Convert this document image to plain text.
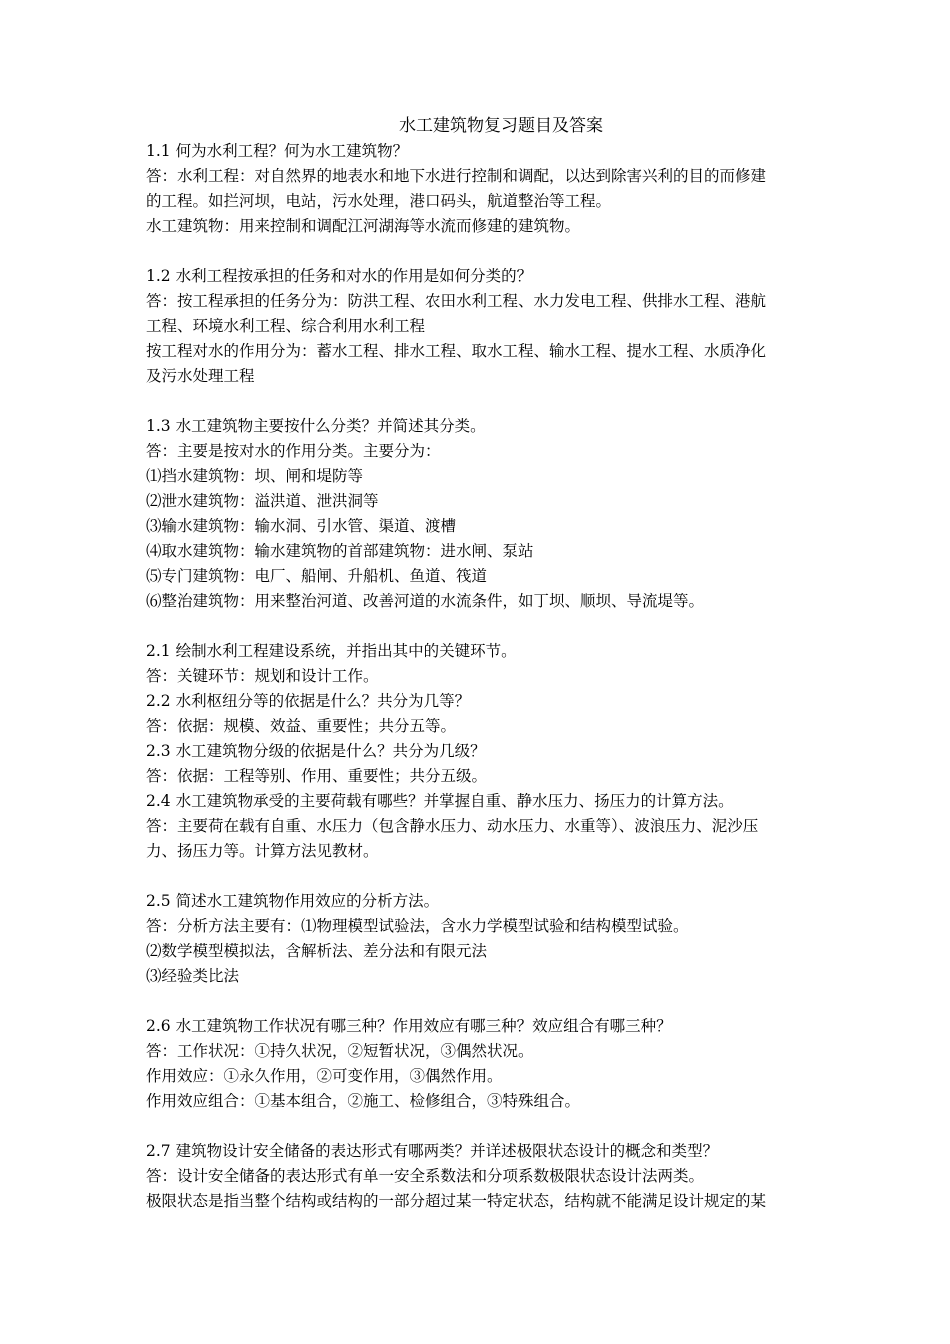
水工建筑物复习题目及答案

1.1 何为水利工程？何为水工建筑物？

答：水利工程：对自然界的地表水和地下水进行控制和调配，以达到除害兴利的目的而修建

的工程。如拦河坝，电站，污水处理，港口码头，航道整治等工程。

水工建筑物：用来控制和调配江河湖海等水流而修建的建筑物。

1.2 水利工程按承担的任务和对水的作用是如何分类的？

答：按工程承担的任务分为：防洪工程、农田水利工程、水力发电工程、供排水工程、港航

工程、环境水利工程、综合利用水利工程

按工程对水的作用分为：蓄水工程、排水工程、取水工程、输水工程、提水工程、水质净化

及污水处理工程

1.3 水工建筑物主要按什么分类？并简述其分类。

答：主要是按对水的作用分类。主要分为：

⑴挡水建筑物：坝、闸和堤防等

⑵泄水建筑物：溢洪道、泄洪洞等

⑶输水建筑物：输水洞、引水管、渠道、渡槽

⑷取水建筑物：输水建筑物的首部建筑物：进水闸、泵站

⑸专门建筑物：电厂、船闸、升船机、鱼道、筏道

⑹整治建筑物：用来整治河道、改善河道的水流条件，如丁坝、顺坝、导流堤等。

2.1 绘制水利工程建设系统，并指出其中的关键环节。

答：关键环节：规划和设计工作。

2.2 水利枢纽分等的依据是什么？共分为几等？

答：依据：规模、效益、重要性；共分五等。

2.3 水工建筑物分级的依据是什么？共分为几级？

答：依据：工程等别、作用、重要性；共分五级。

2.4 水工建筑物承受的主要荷载有哪些？并掌握自重、静水压力、扬压力的计算方法。

答：主要荷在载有自重、水压力（包含静水压力、动水压力、水重等）、波浪压力、泥沙压

力、扬压力等。计算方法见教材。

2.5 简述水工建筑物作用效应的分析方法。

答：分析方法主要有：⑴物理模型试验法，含水力学模型试验和结构模型试验。

⑵数学模型模拟法，含解析法、差分法和有限元法

⑶经验类比法

2.6 水工建筑物工作状况有哪三种？作用效应有哪三种？效应组合有哪三种？

答：工作状况：①持久状况，②短暂状况，③偶然状况。

作用效应：①永久作用，②可变作用，③偶然作用。

作用效应组合：①基本组合，②施工、检修组合，③特殊组合。

2.7 建筑物设计安全储备的表达形式有哪两类？并详述极限状态设计的概念和类型？

答：设计安全储备的表达形式有单一安全系数法和分项系数极限状态设计法两类。

极限状态是指当整个结构或结构的一部分超过某一特定状态，结构就不能满足设计规定的某
